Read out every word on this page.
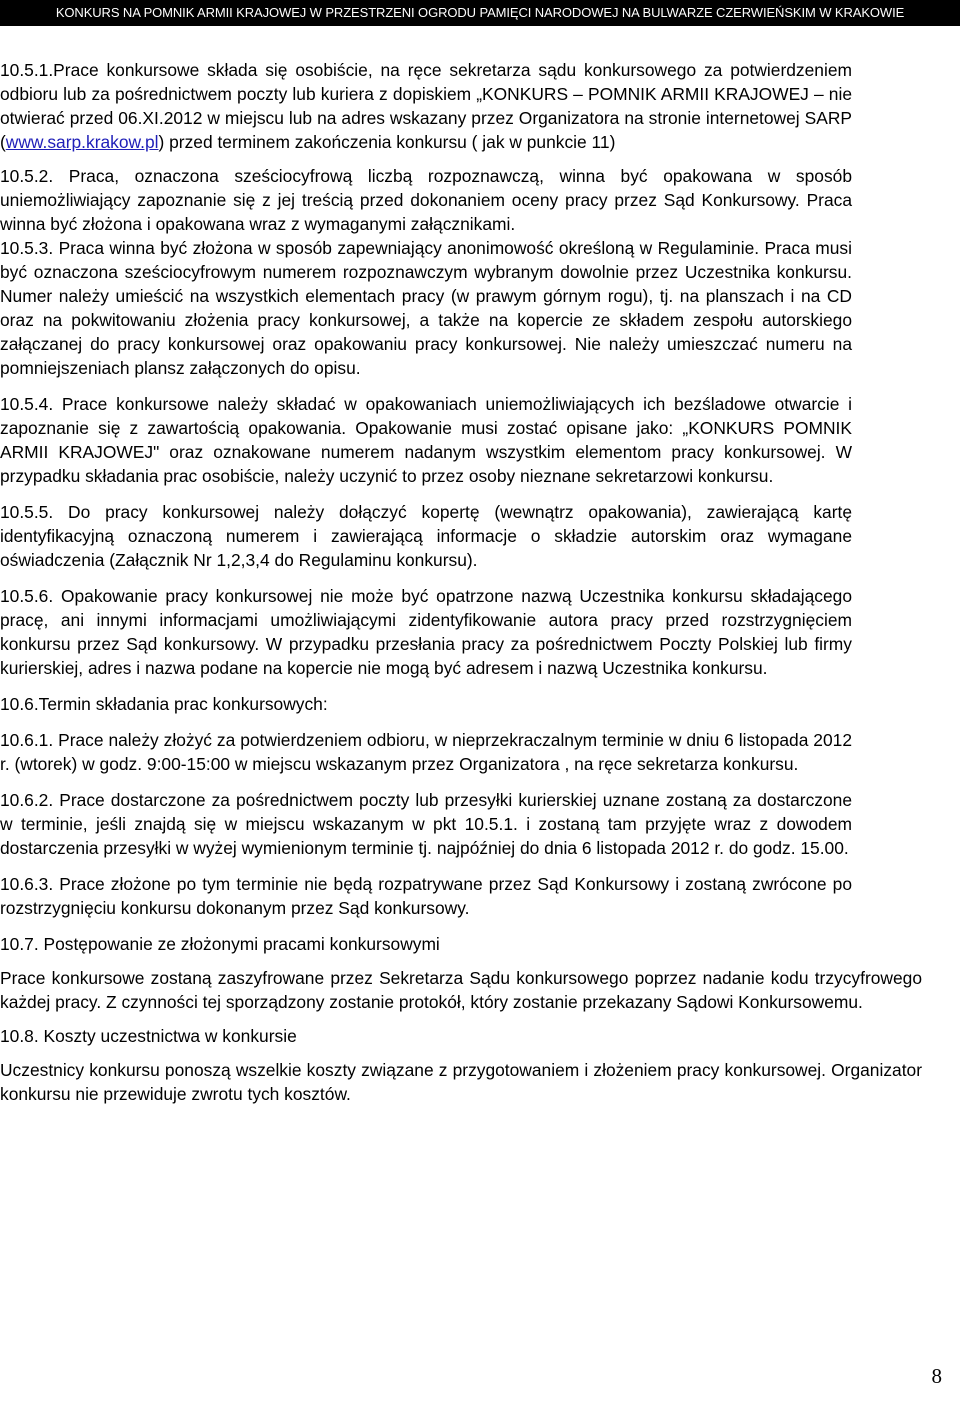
KONKURS NA POMNIK ARMII KRAJOWEJ W PRZESTRZENI OGRODU PAMIĘCI NARODOWEJ NA BULWARZE CZERWIEŃSKIM W KRAKOWIE
10.5.1.Prace konkursowe składa się osobiście, na ręce sekretarza sądu konkursowego za potwierdzeniem odbioru lub za pośrednictwem poczty lub kuriera z dopiskiem „KONKURS – POMNIK ARMII KRAJOWEJ – nie otwierać przed 06.XI.2012 w miejscu lub na adres wskazany przez Organizatora na stronie internetowej SARP (www.sarp.krakow.pl) przed terminem zakończenia konkursu ( jak w punkcie 11)
10.5.2. Praca, oznaczona sześciocyfrową liczbą rozpoznawczą, winna być opakowana w sposób uniemożliwiający zapoznanie się z jej treścią przed dokonaniem oceny pracy przez Sąd Konkursowy. Praca winna być złożona i opakowana wraz z wymaganymi załącznikami.
10.5.3. Praca winna być złożona w sposób zapewniający anonimowość określoną w Regulaminie. Praca musi być oznaczona sześciocyfrowym numerem rozpoznawczym wybranym dowolnie przez Uczestnika konkursu. Numer należy umieścić na wszystkich elementach pracy (w prawym górnym rogu), tj. na planszach i na CD oraz na pokwitowaniu złożenia pracy konkursowej, a także na kopercie ze składem zespołu autorskiego załączanej do pracy konkursowej oraz opakowaniu pracy konkursowej. Nie należy umieszczać numeru na pomniejszeniach plansz załączonych do opisu.
10.5.4. Prace konkursowe należy składać w opakowaniach uniemożliwiających ich bezśladowe otwarcie i zapoznanie się z zawartością opakowania. Opakowanie musi zostać opisane jako: „KONKURS POMNIK ARMII KRAJOWEJ" oraz oznakowane numerem nadanym wszystkim elementom pracy konkursowej. W przypadku składania prac osobiście, należy uczynić to przez osoby nieznane sekretarzowi konkursu.
10.5.5. Do pracy konkursowej należy dołączyć kopertę (wewnątrz opakowania), zawierającą kartę identyfikacyjną oznaczoną numerem i zawierającą informacje o składzie autorskim oraz wymagane oświadczenia (Załącznik Nr 1,2,3,4 do Regulaminu konkursu).
10.5.6. Opakowanie pracy konkursowej nie może być opatrzone nazwą Uczestnika konkursu składającego pracę, ani innymi informacjami umożliwiającymi zidentyfikowanie autora pracy przed rozstrzygnięciem konkursu przez Sąd konkursowy. W przypadku przesłania pracy za pośrednictwem Poczty Polskiej lub firmy kurierskiej, adres i nazwa podane na kopercie nie mogą być adresem i nazwą Uczestnika konkursu.
10.6.Termin składania prac konkursowych:
10.6.1. Prace należy złożyć za potwierdzeniem odbioru, w nieprzekraczalnym terminie w dniu 6 listopada 2012 r. (wtorek) w godz. 9:00-15:00 w miejscu wskazanym przez Organizatora , na ręce sekretarza konkursu.
10.6.2. Prace dostarczone za pośrednictwem poczty lub przesyłki kurierskiej uznane zostaną za dostarczone w terminie, jeśli znajdą się w miejscu wskazanym w pkt 10.5.1. i zostaną tam przyjęte wraz z dowodem dostarczenia przesyłki w wyżej wymienionym terminie tj. najpóźniej do dnia 6 listopada 2012 r. do godz. 15.00.
10.6.3. Prace złożone po tym terminie nie będą rozpatrywane przez Sąd Konkursowy i zostaną zwrócone po rozstrzygnięciu konkursu dokonanym przez Sąd konkursowy.
10.7. Postępowanie ze złożonymi pracami konkursowymi
Prace konkursowe zostaną zaszyfrowane przez Sekretarza Sądu konkursowego poprzez nadanie kodu trzycyfrowego każdej pracy. Z czynności tej sporządzony zostanie protokół, który zostanie przekazany Sądowi Konkursowemu.
10.8. Koszty uczestnictwa w konkursie
Uczestnicy konkursu ponoszą wszelkie koszty związane z przygotowaniem i złożeniem pracy konkursowej. Organizator konkursu nie przewiduje zwrotu tych kosztów.
8
